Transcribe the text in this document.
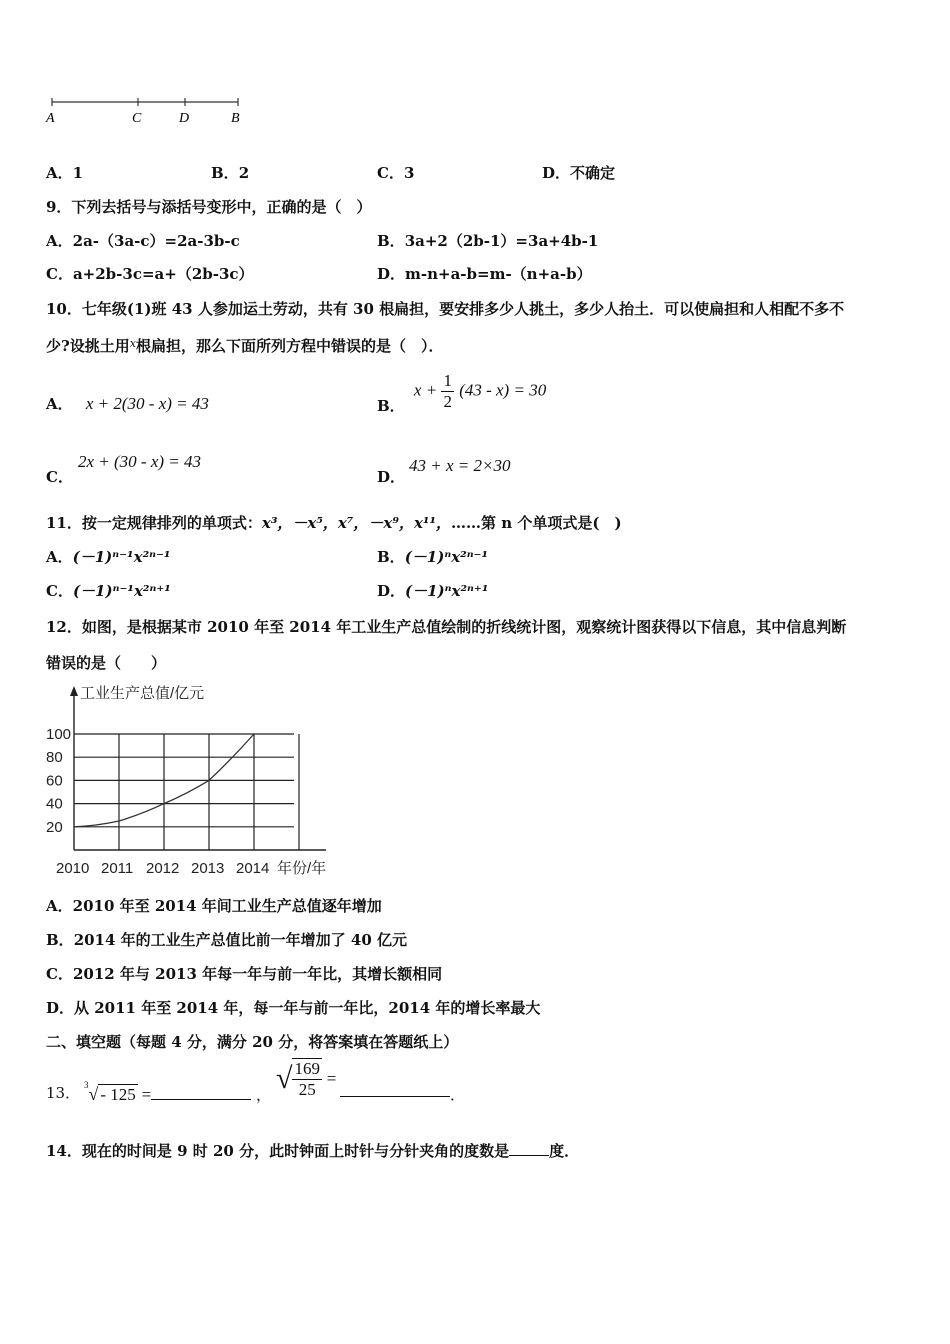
A	C	D	B
A．1	B．2	C．3	D．不确定
9．下列去括号与添括号变形中，正确的是（　）
A．2a-（3a-c）=2a-3b-c	B．3a+2（2b-1）=3a+4b-1
C．a+2b-3c=a+（2b-3c）	D．m-n+a-b=m-（n+a-b）
10．七年级(1)班 43 人参加运土劳动，共有 30 根扁担，要安排多少人挑土，多少人抬土．可以使扁担和人相配不多不
少?设挑土用$^x$根扁担，那么下面所列方程中错误的是（　）．
A． x + 2(30 - x) = 43	B． $x + \frac{1}{2} (43 - x) = 30$
C．
2x + (30 - x) = 43
D．
43 + x = 2×30
11．按一定规律排列的单项式：x³，－x⁵，x⁷，－x⁹，x¹¹，……第 n 个单项式是(　)
A．(－1)ⁿ⁻¹x²ⁿ⁻¹	B．(－1)ⁿx²ⁿ⁻¹
C．(－1)ⁿ⁻¹x²ⁿ⁺¹	D．(－1)ⁿx²ⁿ⁺¹
12．如图，是根据某市 2010 年至 2014 年工业生产总值绘制的折线统计图，观察统计图获得以下信息，其中信息判断
错误的是（　　）
20
40
60
80
100
工业生产总值/亿元
2010 2011 2012 2013 2014 年份/年
A．2010 年至 2014 年间工业生产总值逐年增加
B．2014 年的工业生产总值比前一年增加了 40 亿元
C．2012 年与 2013 年每一年与前一年比，其增长额相同
D．从 2011 年至 2014 年，每一年与前一年比，2014 年的增长率最大
二、填空题（每题 4 分，满分 20 分，将答案填在答题纸上）
13． $^3$√ - 125 =	， √ $\frac{169}{25}$ =
．
14．现在的时间是 9 时 20 分，此时钟面上时针与分针夹角的度数是	度．
